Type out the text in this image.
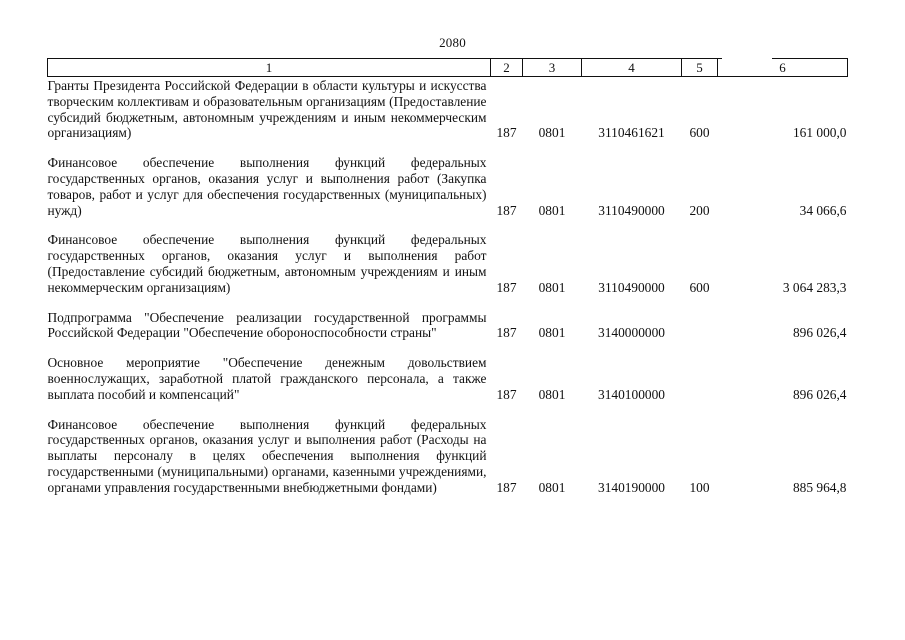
2080
1	2	3	4	5	6
Гранты Президента Российской Федерации в области культуры и искусства творческим коллективам и образовательным организациям (Предоставление субсидий бюджетным, автономным учреждениям и иным некоммерческим организациям)	187	0801	3110461621	600	161 000,0
Финансовое обеспечение выполнения функций федеральных государственных органов, оказания услуг и выполнения работ (Закупка товаров, работ и услуг для обеспечения государственных (муниципальных) нужд)	187	0801	3110490000	200	34 066,6
Финансовое обеспечение выполнения функций федеральных государственных органов, оказания услуг и выполнения работ (Предоставление субсидий бюджетным, автономным учреждениям и иным некоммерческим организациям)	187	0801	3110490000	600	3 064 283,3
Подпрограмма "Обеспечение реализации государственной программы Российской Федерации "Обеспечение обороноспособности страны"	187	0801	3140000000		896 026,4
Основное мероприятие "Обеспечение денежным довольствием военнослужащих, заработной платой гражданского персонала, а также выплата пособий и компенсаций"	187	0801	3140100000		896 026,4
Финансовое обеспечение выполнения функций федеральных государственных органов, оказания услуг и выполнения работ (Расходы на выплаты персоналу в целях обеспечения выполнения функций государственными (муниципальными) органами, казенными учреждениями, органами управления государственными внебюджетными фондами)	187	0801	3140190000	100	885 964,8
